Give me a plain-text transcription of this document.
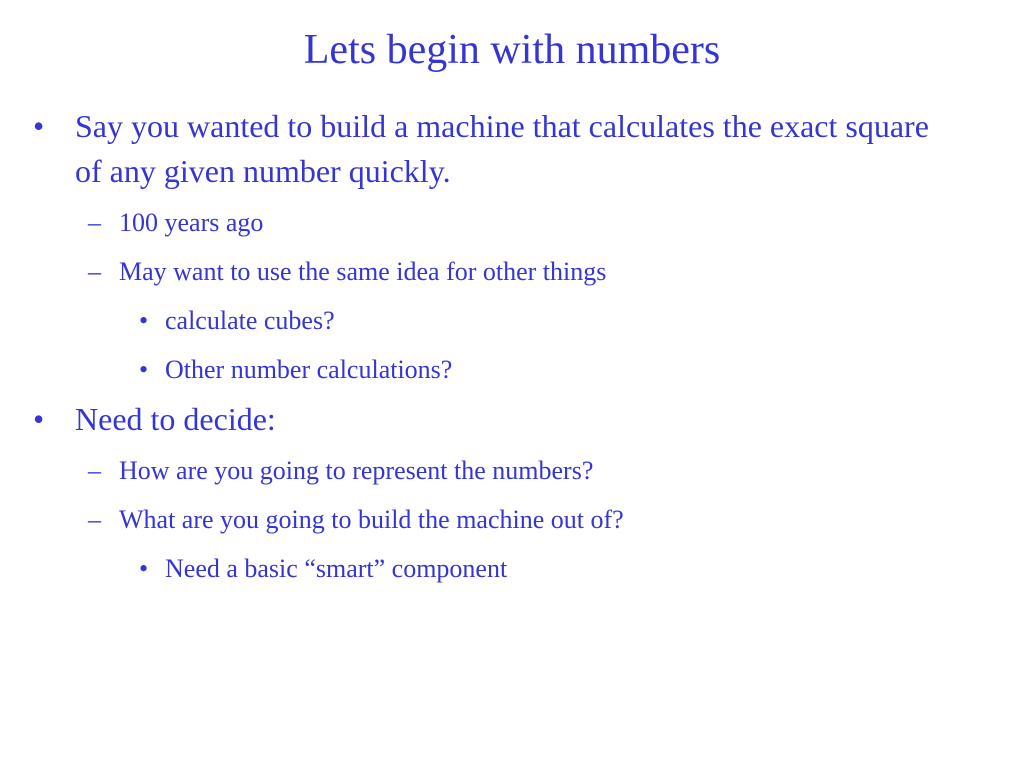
Lets begin with numbers
• Say you wanted to build a machine that calculates the exact square of any given number quickly.
– 100 years ago
– May want to use the same idea for other things
• calculate cubes?
• Other number calculations?
• Need to decide:
– How are you going to represent the numbers?
– What are you going to build the machine out of?
• Need a basic “smart” component
